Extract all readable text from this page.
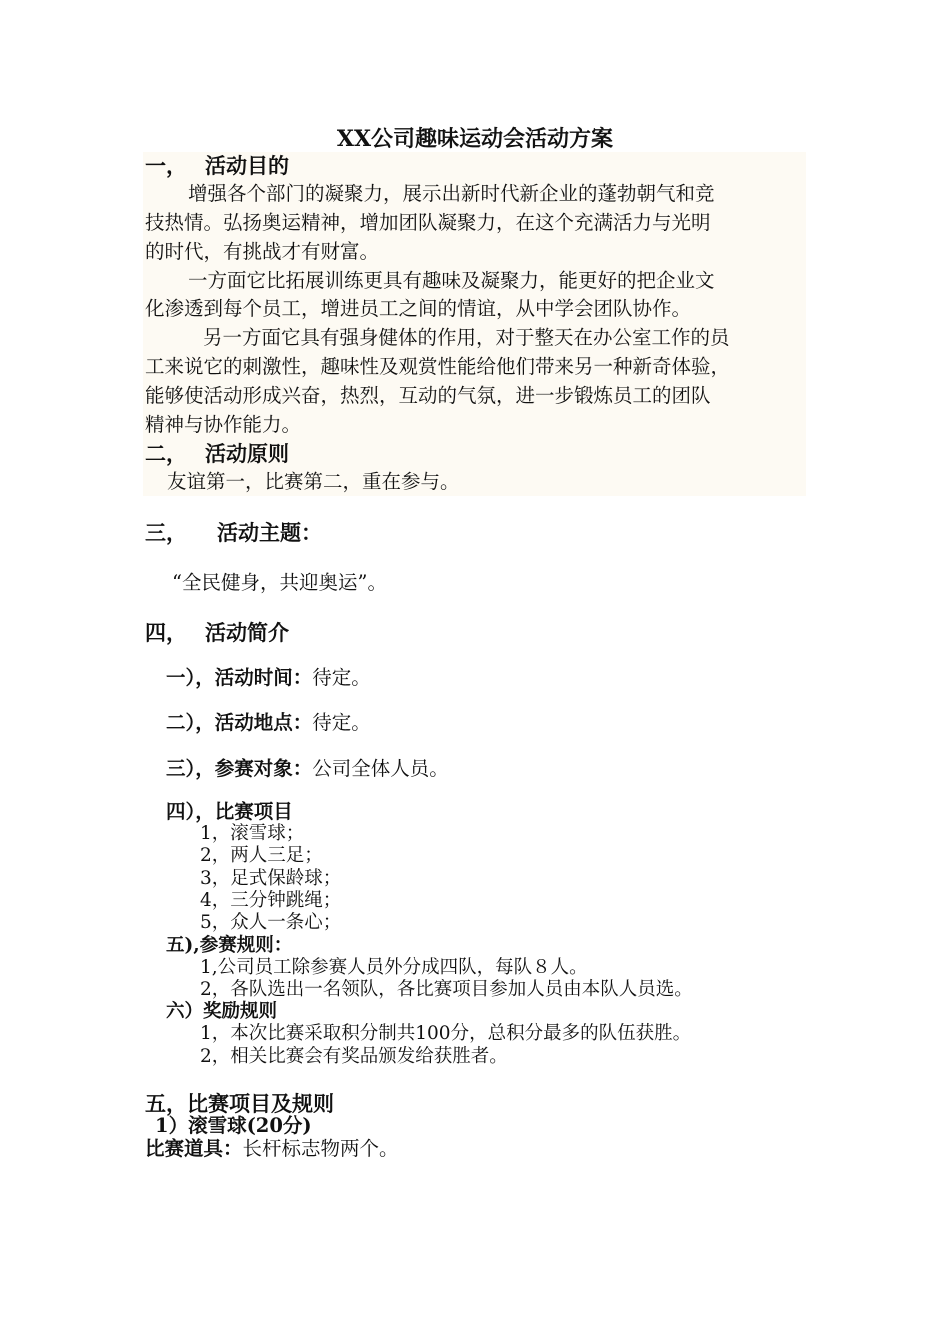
XX公司趣味运动会活动方案
一， 活动目的
增强各个部门的凝聚力，展示出新时代新企业的蓬勃朝气和竞
技热情。弘扬奥运精神，增加团队凝聚力，在这个充满活力与光明
的时代，有挑战才有财富。
一方面它比拓展训练更具有趣味及凝聚力，能更好的把企业文
化渗透到每个员工，增进员工之间的情谊，从中学会团队协作。
另一方面它具有强身健体的作用，对于整天在办公室工作的员
工来说它的刺激性，趣味性及观赏性能给他们带来另一种新奇体验，
能够使活动形成兴奋，热烈，互动的气氛，进一步锻炼员工的团队
精神与协作能力。
二， 活动原则
友谊第一，比赛第二，重在参与。
三， 活动主题：
“全民健身，共迎奥运”。
四， 活动简介
一），活动时间：待定。
二），活动地点：待定。
三），参赛对象：公司全体人员。
四），比赛项目
1，滚雪球；
2，两人三足；
3，足式保龄球；
4，三分钟跳绳；
5，众人一条心；
五),参赛规则：
1,公司员工除参赛人员外分成四队，每队８人。
2，各队选出一名领队，各比赛项目参加人员由本队人员选。
六）奖励规则
1，本次比赛采取积分制共100分，总积分最多的队伍获胜。
2，相关比赛会有奖品颁发给获胜者。
五，比赛项目及规则
1）滚雪球(20分)
比赛道具：长杆标志物两个。
